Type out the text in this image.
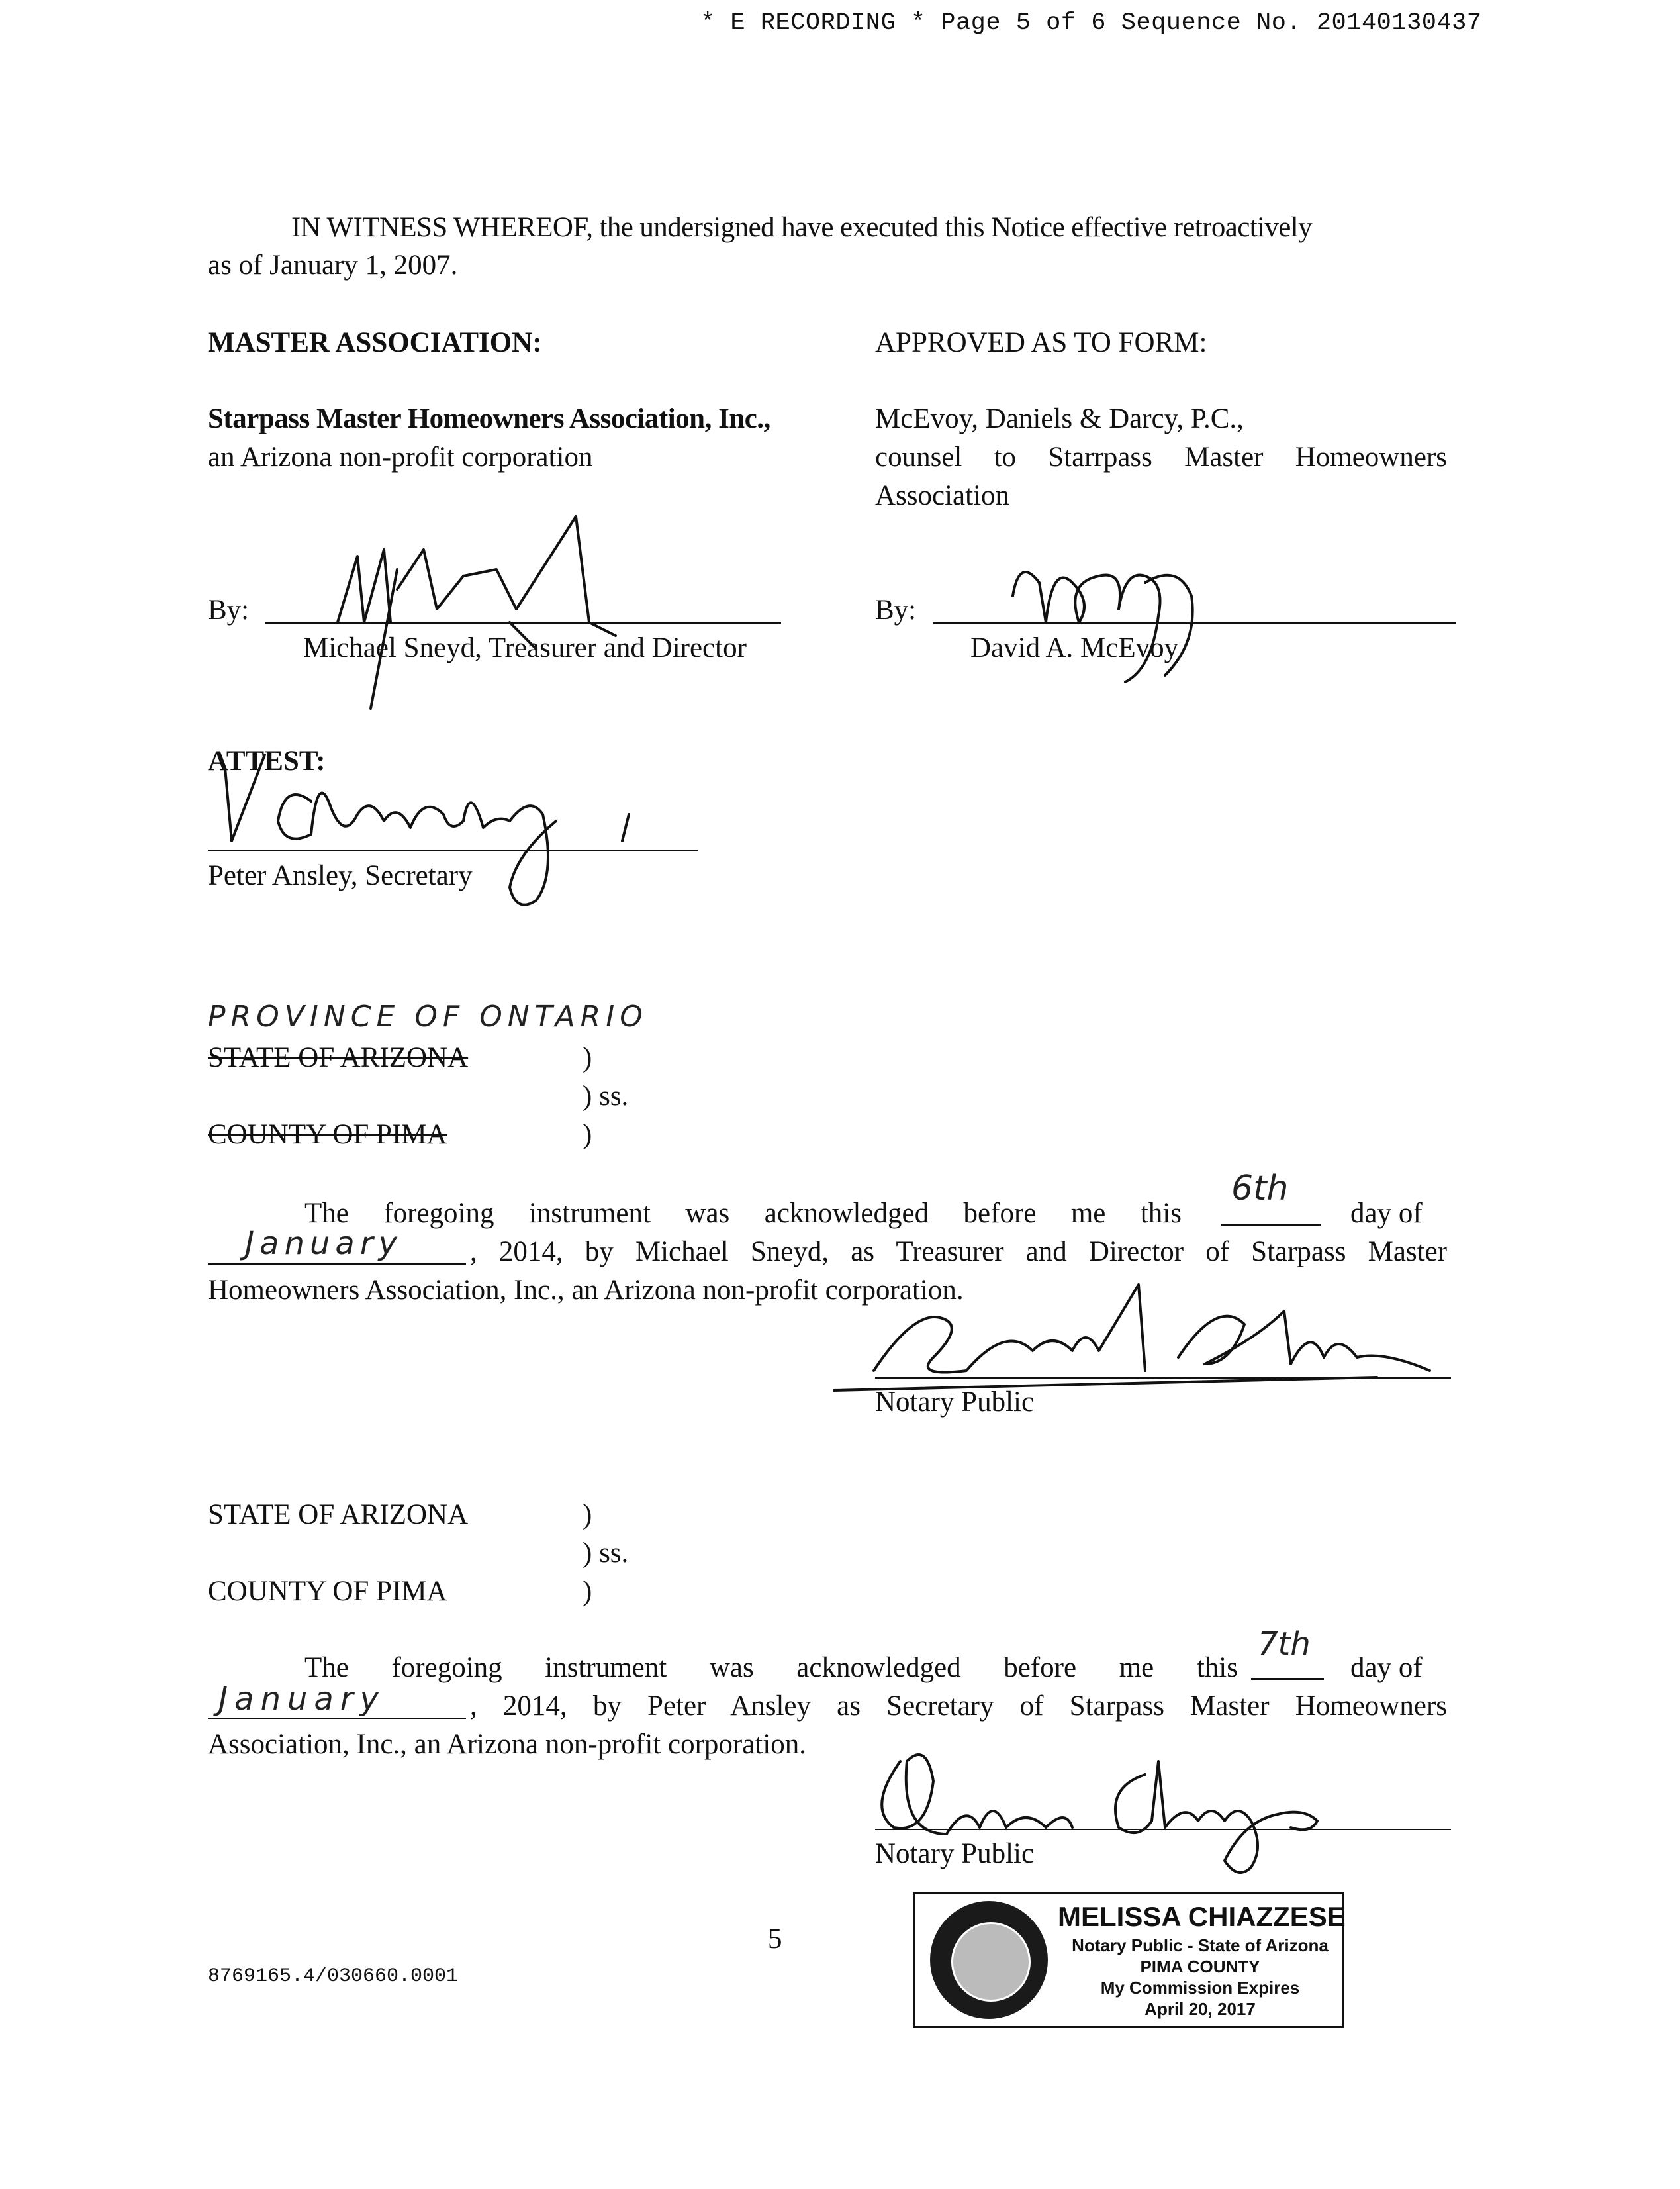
* E RECORDING * Page 5 of 6 Sequence No. 20140130437
IN WITNESS WHEREOF, the undersigned have executed this Notice effective retroactively
as of January 1, 2007.
MASTER ASSOCIATION:
Starpass Master Homeowners Association, Inc.,
an Arizona non-profit corporation
APPROVED AS TO FORM:
McEvoy, Daniels & Darcy, P.C.,
counsel to Starrpass Master Homeowners
Association
By:
Michael Sneyd, Treasurer and Director
By:
David A. McEvoy
ATTEST:
Peter Ansley, Secretary
PROVINCE OF ONTARIO
STATE OF ARIZONA	)
) ss.
COUNTY OF PIMA	)
The foregoing instrument was acknowledged before me this
6th
day of
January , 2014, by Michael Sneyd, as Treasurer and Director of Starpass Master
Homeowners Association, Inc., an Arizona non-profit corporation.
Notary Public
STATE OF ARIZONA	)
) ss.
COUNTY OF PIMA	)
The foregoing instrument was acknowledged before me this
7th
day of
January	, 2014, by Peter Ansley as Secretary of Starpass Master Homeowners
Association, Inc., an Arizona non-profit corporation.
Notary Public
5
8769165.4/030660.0001
MELISSA CHIAZZESE
Notary Public - State of Arizona
PIMA COUNTY
My Commission Expires
April 20, 2017
